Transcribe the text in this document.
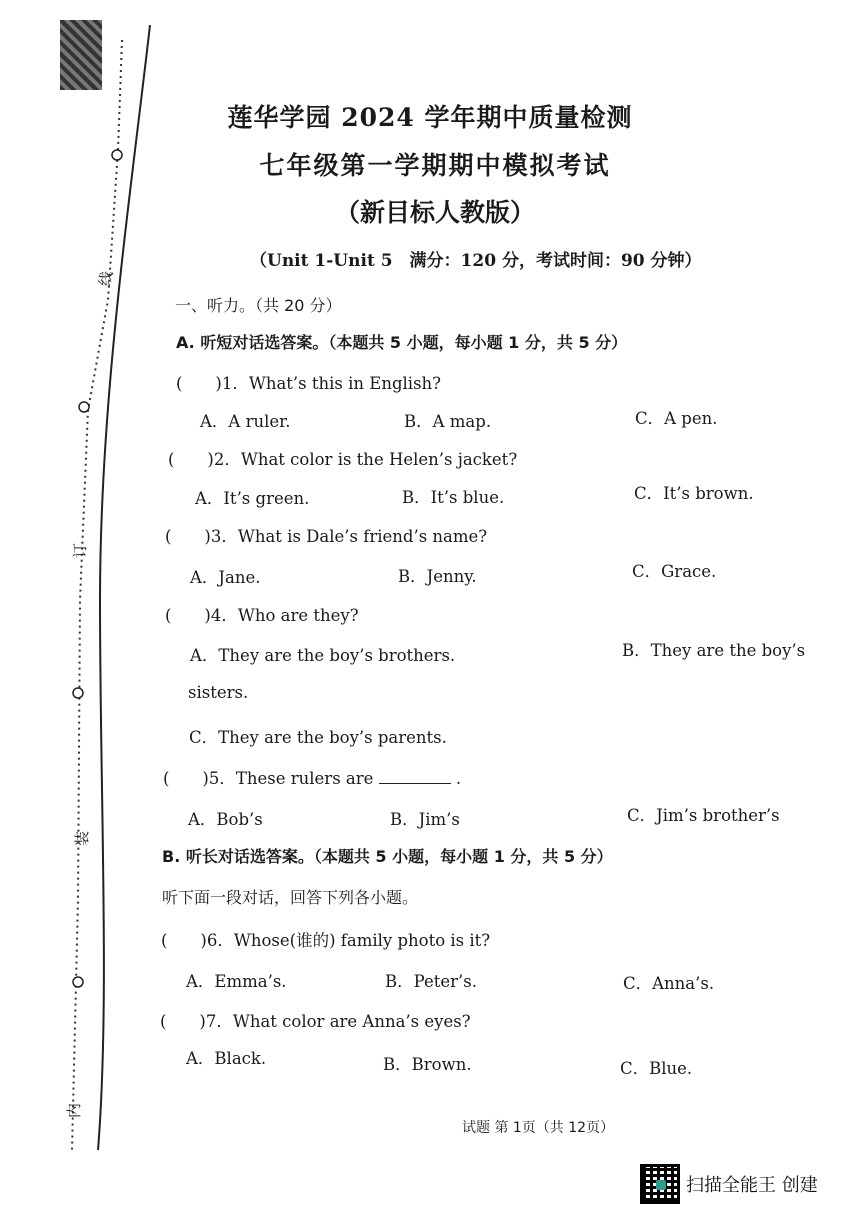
线
订
装
内
莲华学园 2024 学年期中质量检测
七年级第一学期期中模拟考试
（新目标人教版）
（Unit 1-Unit 5　满分：120 分，考试时间：90 分钟）
一、听力。（共 20 分）
A. 听短对话选答案。（本题共 5 小题，每小题 1 分，共 5 分）
(　　)1．What’s this in English?
A．A ruler.	B．A map.	C．A pen.
(　　)2．What color is the Helen’s jacket?
A．It’s green.	B．It’s blue.	C．It’s brown.
(　　)3．What is Dale’s friend’s name?
A．Jane.	B．Jenny.	C．Grace.
(　　)4．Who are they?
A．They are the boy’s brothers.	B．They are the boy’s
sisters.
C．They are the boy’s parents.
(　　)5．These rulers are	.
A．Bob’s	B．Jim’s	C．Jim’s brother’s
B. 听长对话选答案。（本题共 5 小题，每小题 1 分，共 5 分）
听下面一段对话，回答下列各小题。
(　　)6．Whose(谁的) family photo is it?
A．Emma’s.	B．Peter’s.	C．Anna’s.
(　　)7．What color are Anna’s eyes?
A．Black.	B．Brown.	C．Blue.
试题 第 1页（共 12页）
扫描全能王 创建
